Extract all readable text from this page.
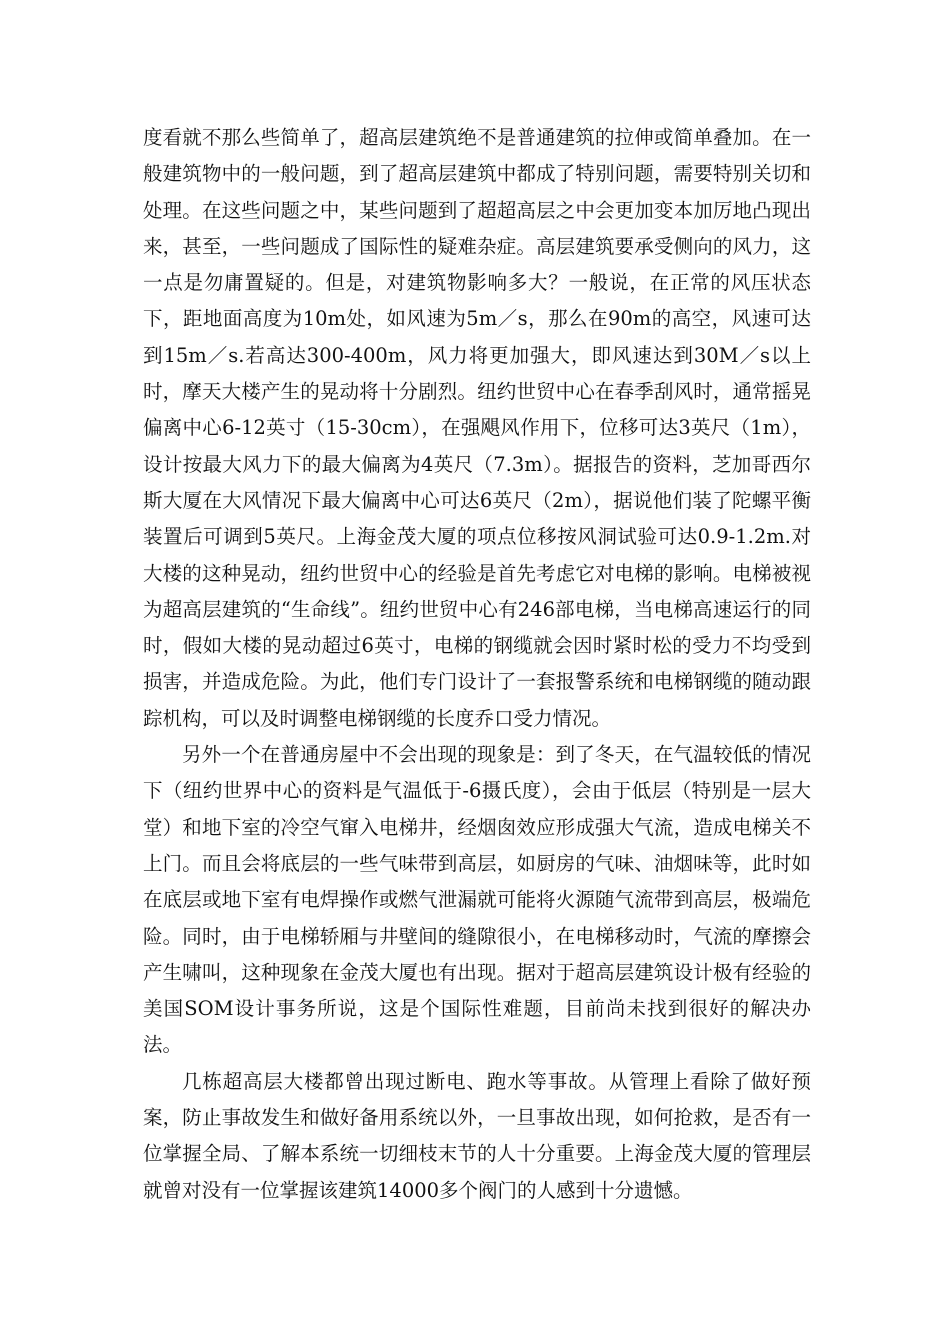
度看就不那么些简单了，超高层建筑绝不是普通建筑的拉伸或简单叠加。在一般建筑物中的一般问题，到了超高层建筑中都成了特别问题，需要特别关切和处理。在这些问题之中，某些问题到了超超高层之中会更加变本加厉地凸现出来，甚至，一些问题成了国际性的疑难杂症。高层建筑要承受侧向的风力，这一点是勿庸置疑的。但是，对建筑物影响多大？一般说，在正常的风压状态下，距地面高度为10m处，如风速为5m／s，那么在90m的高空，风速可达到15m／s.若高达300-400m，风力将更加强大，即风速达到30M／s以上时，摩天大楼产生的晃动将十分剧烈。纽约世贸中心在春季刮风时，通常摇晃偏离中心6-12英寸（15-30cm），在强飓风作用下，位移可达3英尺（1m），设计按最大风力下的最大偏离为4英尺（7.3m）。据报告的资料，芝加哥西尔斯大厦在大风情况下最大偏离中心可达6英尺（2m），据说他们装了陀螺平衡装置后可调到5英尺。上海金茂大厦的项点位移按风洞试验可达0.9-1.2m.对大楼的这种晃动，纽约世贸中心的经验是首先考虑它对电梯的影响。电梯被视为超高层建筑的“生命线”。纽约世贸中心有246部电梯，当电梯高速运行的同时，假如大楼的晃动超过6英寸，电梯的钢缆就会因时紧时松的受力不均受到损害，并造成危险。为此，他们专门设计了一套报警系统和电梯钢缆的随动跟踪机构，可以及时调整电梯钢缆的长度乔口受力情况。

另外一个在普通房屋中不会出现的现象是：到了冬天，在气温较低的情况下（纽约世界中心的资料是气温低于-6摄氏度），会由于低层（特别是一层大堂）和地下室的冷空气窜入电梯井，经烟囱效应形成强大气流，造成电梯关不上门。而且会将底层的一些气味带到高层，如厨房的气味、油烟味等，此时如在底层或地下室有电焊操作或燃气泄漏就可能将火源随气流带到高层，极端危险。同时，由于电梯轿厢与井壁间的缝隙很小，在电梯移动时，气流的摩擦会产生啸叫，这种现象在金茂大厦也有出现。据对于超高层建筑设计极有经验的美国SOM设计事务所说，这是个国际性难题，目前尚未找到很好的解决办法。

几栋超高层大楼都曾出现过断电、跑水等事故。从管理上看除了做好预案，防止事故发生和做好备用系统以外，一旦事故出现，如何抢救，是否有一位掌握全局、了解本系统一切细枝末节的人十分重要。上海金茂大厦的管理层就曾对没有一位掌握该建筑14000多个阀门的人感到十分遗憾。
